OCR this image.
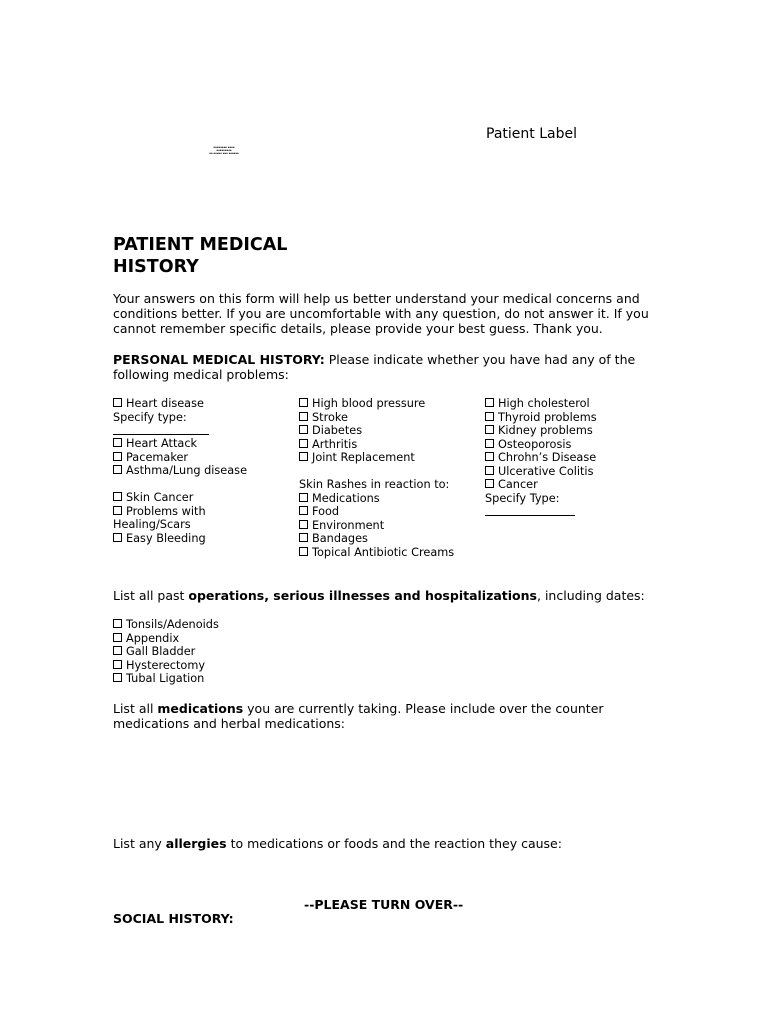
Patient Label
▪▪▪▪▪▪▪▪ ▪▪▪▪
▪▪▪▪▪▪▪▪▪
▪▪ ▪▪▪▪▪ ▪▪▪ ▪▪▪▪▪▪
PATIENT MEDICAL
HISTORY

Your answers on this form will help us better understand your medical concerns and conditions better. If you are uncomfortable with any question, do not answer it. If you cannot remember specific details, please provide your best guess. Thank you.

PERSONAL MEDICAL HISTORY: Please indicate whether you have had any of the following medical problems:

Heart disease
Specify type:
Heart Attack
Pacemaker
Asthma/Lung disease
Skin Cancer
Problems with
Healing/Scars
Easy Bleeding
High blood pressure
Stroke
Diabetes
Arthritis
Joint Replacement
Skin Rashes in reaction to:
Medications
Food
Environment
Bandages
Topical Antibiotic Creams
High cholesterol
Thyroid problems
Kidney problems
Osteoporosis
Chrohn’s Disease
Ulcerative Colitis
Cancer
Specify Type:

List all past operations, serious illnesses and hospitalizations, including dates:

Tonsils/Adenoids
Appendix
Gall Bladder
Hysterectomy
Tubal Ligation

List all medications you are currently taking. Please include over the counter medications and herbal medications:

List any allergies to medications or foods and the reaction they cause:

--PLEASE TURN OVER--
SOCIAL HISTORY:
